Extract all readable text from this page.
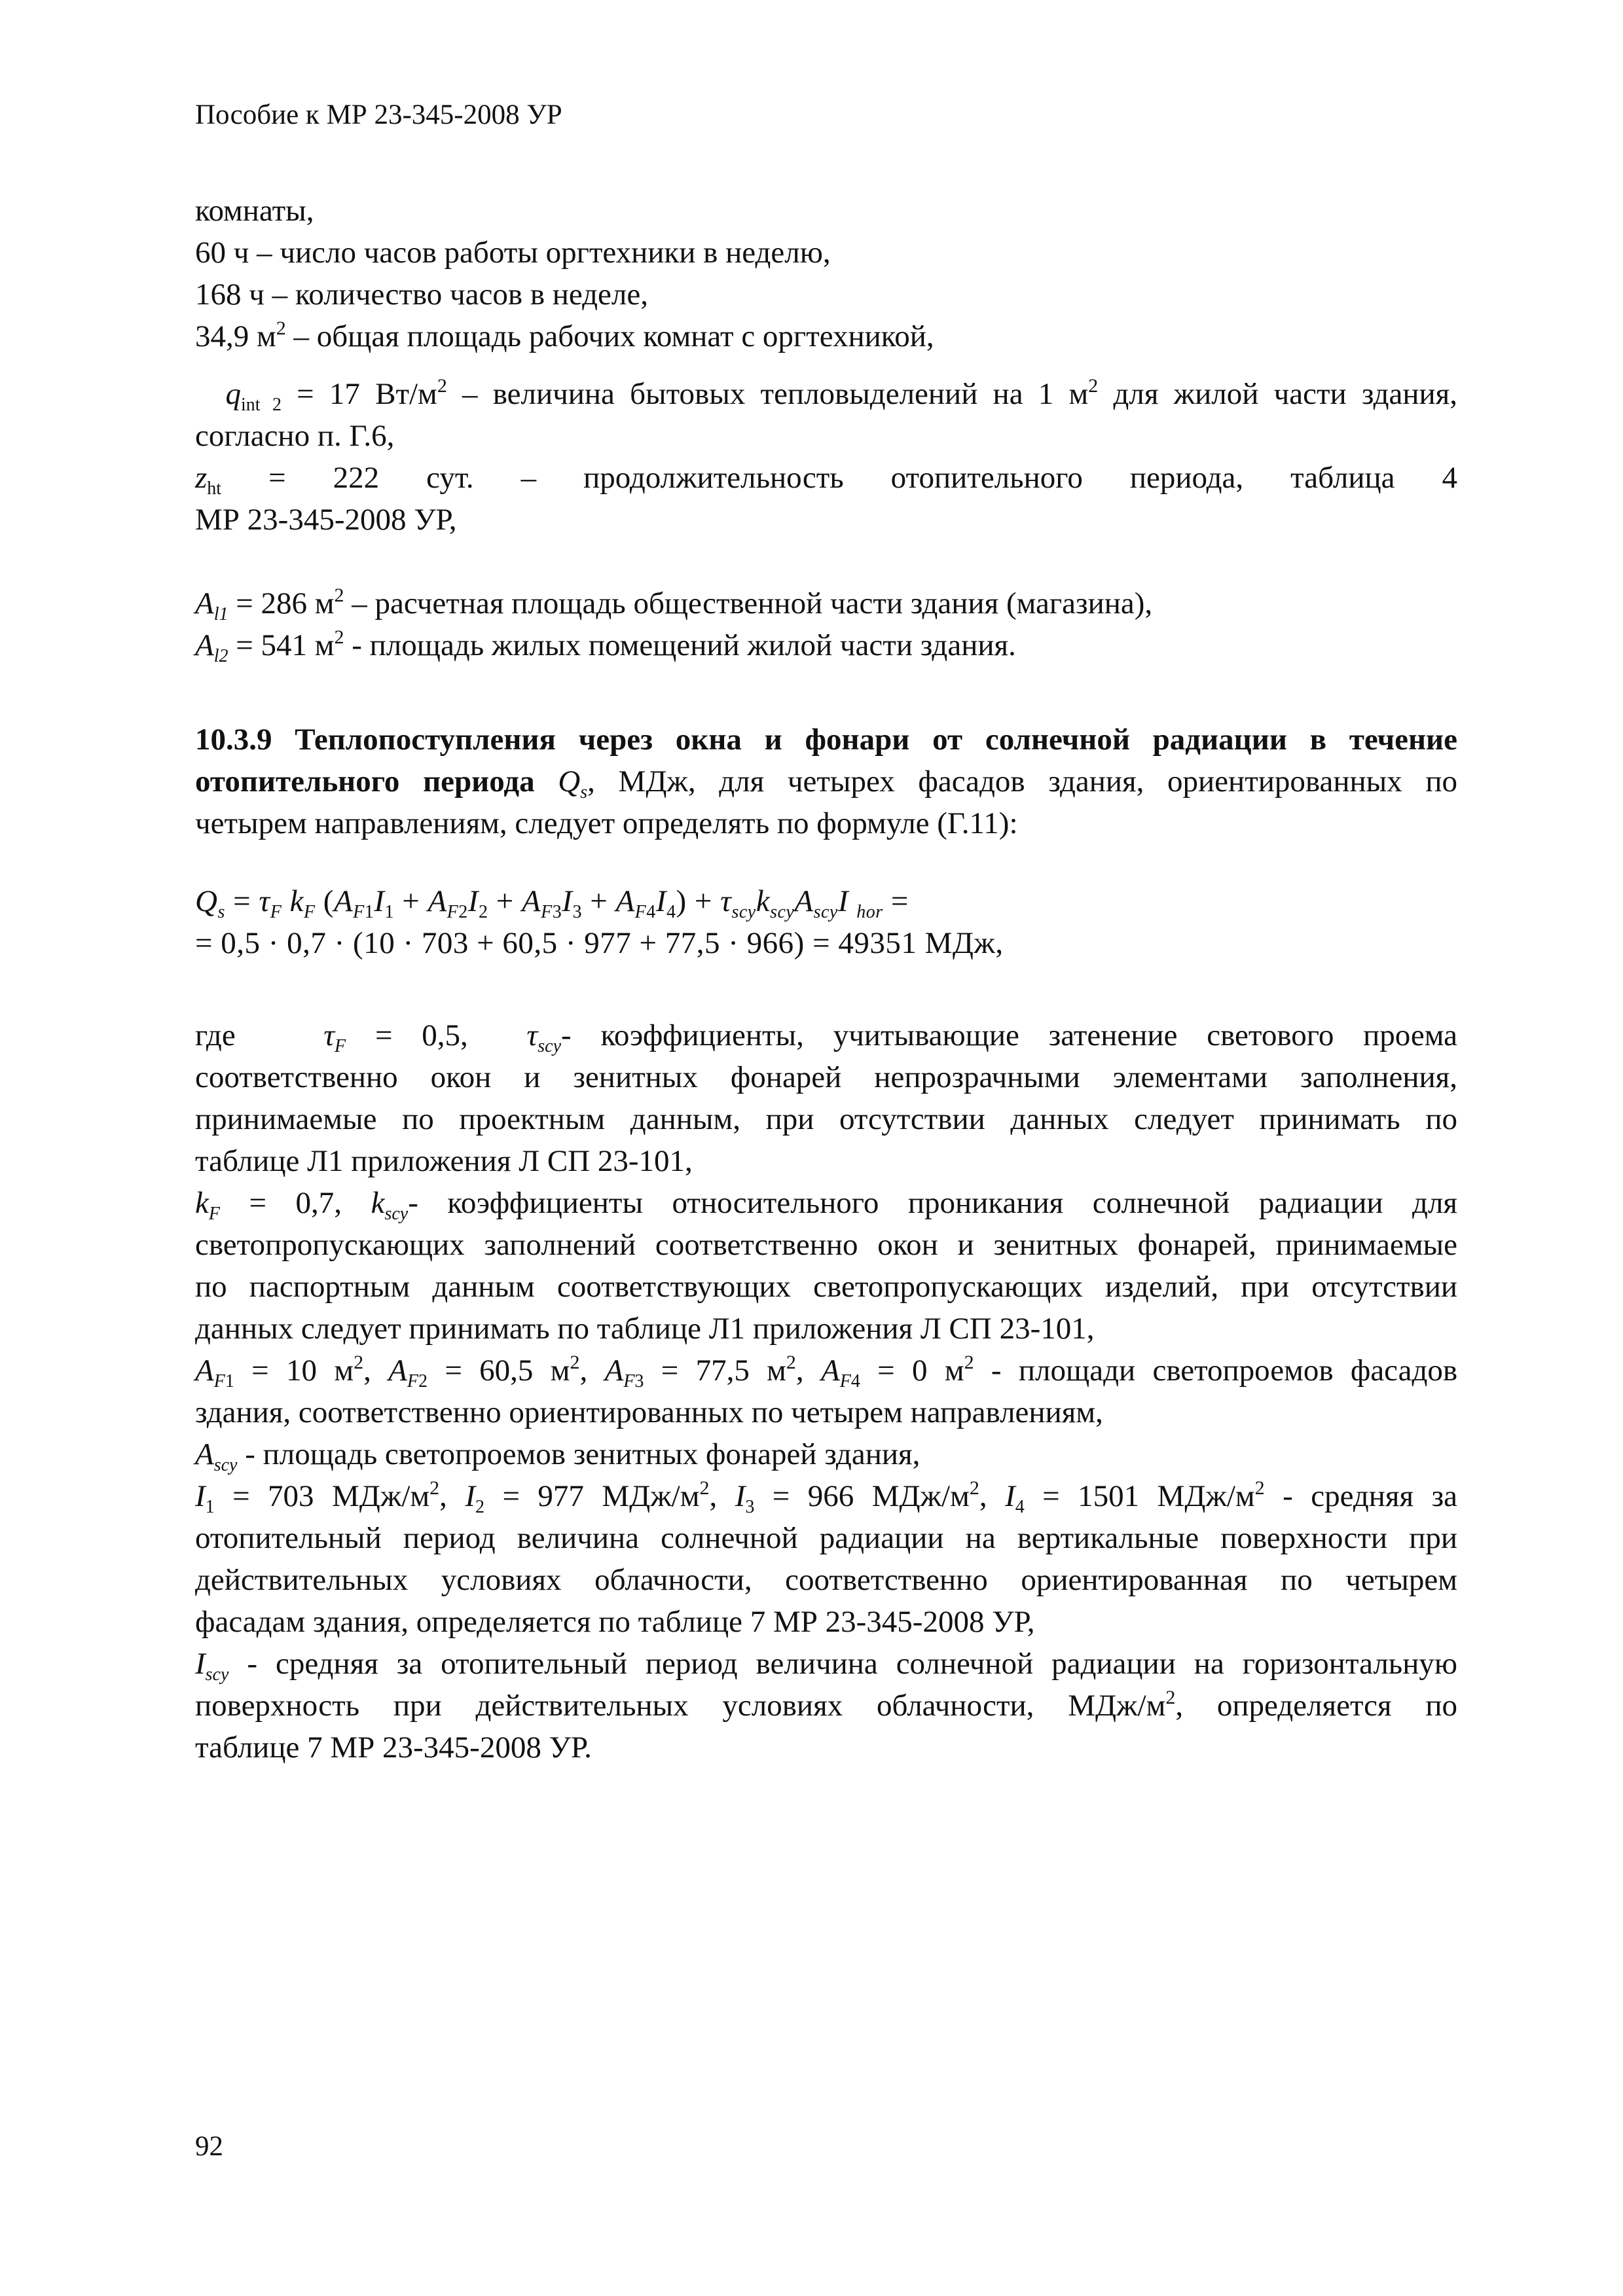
Пособие к МР 23-345-2008 УР
комнаты,
60 ч – число часов работы оргтехники в неделю,
168 ч – количество часов в неделе,
34,9 $м^2$ – общая площадь рабочих комнат с оргтехникой,
$q_{int 2} = 17$ $Вт/м^2$ – величина бытовых тепловыделений на 1 $м^2$ для жилой части здания,
согласно п. Г.6,
$z_{ht} = 222$ сут. – продолжительность отопительного периода, таблица 4
МР 23-345-2008 УР,
$A_{l1} = 286$ $м^2$ – расчетная площадь общественной части здания (магазина),
$A_{l2} = 541$ $м^2$ - площадь жилых помещений жилой части здания.
10.3.9 Теплопоступления через окна и фонари от солнечной радиации в течение
отопительного периода $Q_s$, МДж, для четырех фасадов здания, ориентированных по
четырем направлениям, следует определять по формуле (Г.11):
$Q_s = \tau_F$ $k_F$ $(A_{F1}I_1 + A_{F2}I_2 + A_{F3}I_3 + A_{F4}I_4) + \tau_{scy}k_{scy}A_{scy}I$ $_{hor}$ =
= 0,5 · 0,7 · (10 · 703 + 60,5 · 977 + 77,5 · 966) = 49351 МДж,
где	$\tau_F = 0,5$, $\tau_{scy}-$ коэффициенты, учитывающие затенение светового проема
соответственно окон и зенитных фонарей непрозрачными элементами заполнения,
принимаемые по проектным данным, при отсутствии данных следует принимать по
таблице Л1 приложения Л СП 23-101,
$k_F = 0,7$, $k_{scy}-$ коэффициенты относительного проникания солнечной радиации для
светопропускающих заполнений соответственно окон и зенитных фонарей, принимаемые
по паспортным данным соответствующих светопропускающих изделий, при отсутствии
данных следует принимать по таблице Л1 приложения Л СП 23-101,
$A_{F1} = 10$ $м^2$, $A_{F2} = 60,5$ $м^2$, $A_{F3} = 77,5$ $м^2$, $A_{F4} = 0$ $м^2$ - площади светопроемов фасадов
здания, соответственно ориентированных по четырем направлениям,
$A_{scy}$ - площадь светопроемов зенитных фонарей здания,
$I_1 = 703$ МДж/$м^2$, $I_2 = 977$ МДж/$м^2$, $I_3 = 966$ МДж/$м^2$, $I_4 = 1501$ МДж/$м^2$ - средняя за
отопительный период величина солнечной радиации на вертикальные поверхности при
действительных условиях облачности, соответственно ориентированная по четырем
фасадам здания, определяется по таблице 7 МР 23-345-2008 УР,
$I_{scy}$ - средняя за отопительный период величина солнечной радиации на горизонтальную
поверхность при действительных условиях облачности, МДж/$м^2$, определяется по
таблице 7 МР 23-345-2008 УР.
92
